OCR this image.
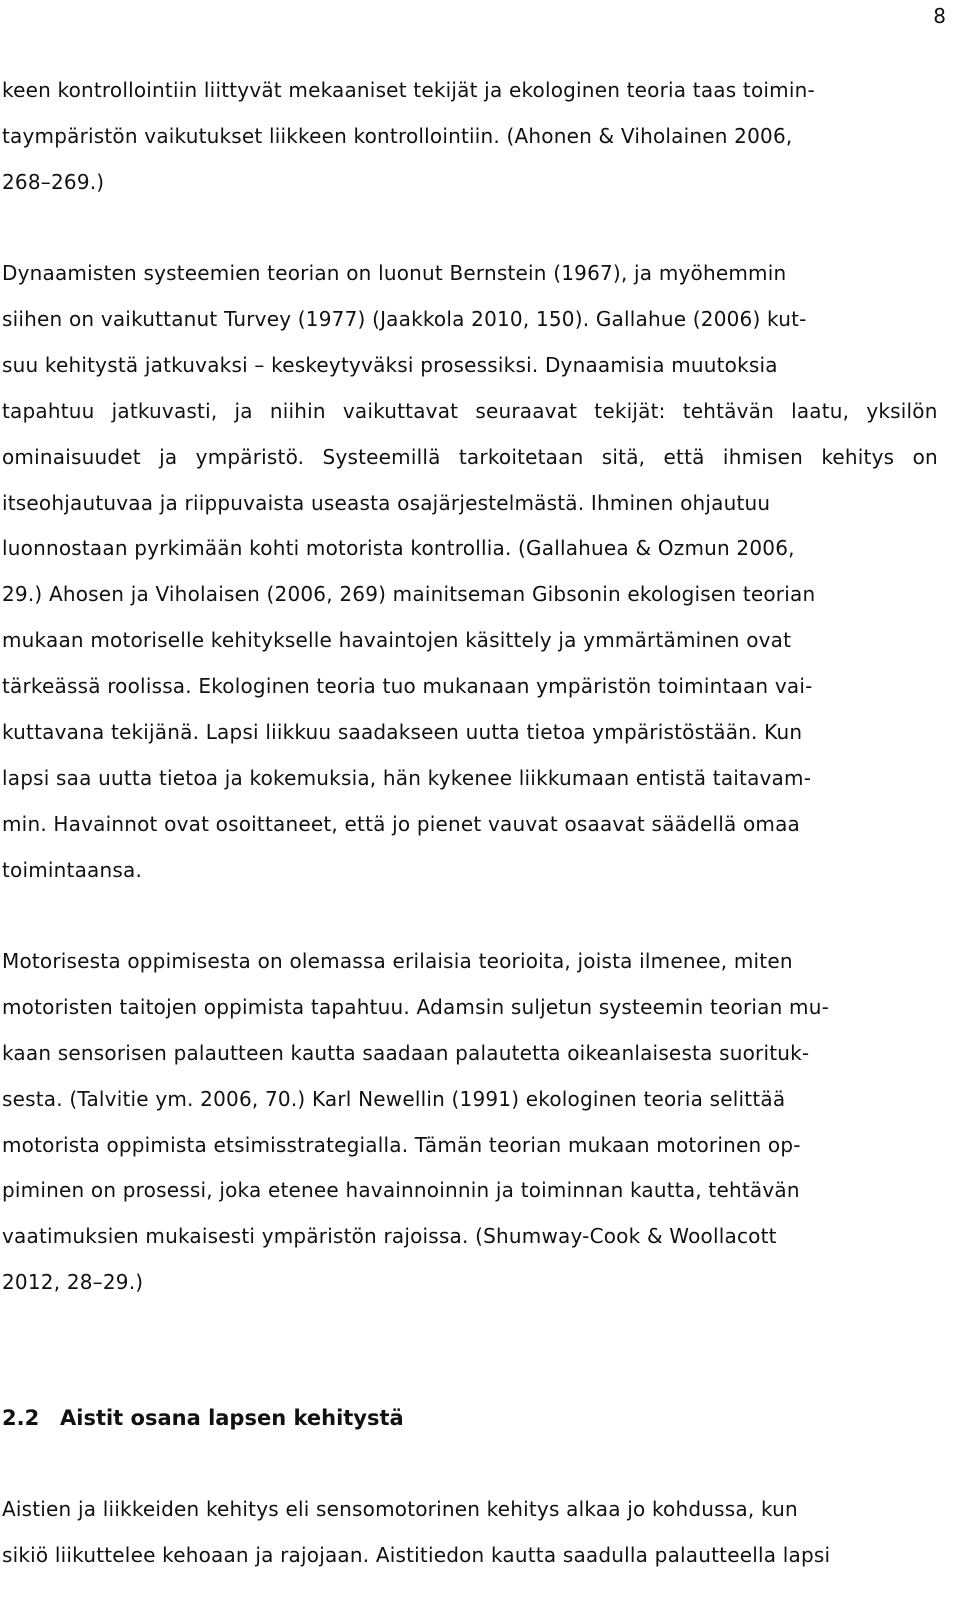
8
keen kontrollointiin liittyvät mekaaniset tekijät ja ekologinen teoria taas toimin-
taympäristön vaikutukset liikkeen kontrollointiin. (Ahonen & Viholainen 2006,
268–269.)
Dynaamisten systeemien teorian on luonut Bernstein (1967), ja myöhemmin
siihen on vaikuttanut Turvey (1977) (Jaakkola 2010, 150). Gallahue (2006) kut-
suu kehitystä jatkuvaksi – keskeytyväksi prosessiksi. Dynaamisia muutoksia
tapahtuu jatkuvasti, ja niihin vaikuttavat seuraavat tekijät: tehtävän laatu, yksilön
ominaisuudet ja ympäristö. Systeemillä tarkoitetaan sitä, että ihmisen kehitys on
itseohjautuvaa ja riippuvaista useasta osajärjestelmästä. Ihminen ohjautuu
luonnostaan pyrkimään kohti motorista kontrollia. (Gallahuea & Ozmun 2006,
29.) Ahosen ja Viholaisen (2006, 269) mainitseman Gibsonin ekologisen teorian
mukaan motoriselle kehitykselle havaintojen käsittely ja ymmärtäminen ovat
tärkeässä roolissa. Ekologinen teoria tuo mukanaan ympäristön toimintaan vai-
kuttavana tekijänä. Lapsi liikkuu saadakseen uutta tietoa ympäristöstään. Kun
lapsi saa uutta tietoa ja kokemuksia, hän kykenee liikkumaan entistä taitavam-
min. Havainnot ovat osoittaneet, että jo pienet vauvat osaavat säädellä omaa
toimintaansa.
Motorisesta oppimisesta on olemassa erilaisia teorioita, joista ilmenee, miten
motoristen taitojen oppimista tapahtuu. Adamsin suljetun systeemin teorian mu-
kaan sensorisen palautteen kautta saadaan palautetta oikeanlaisesta suorituk-
sesta. (Talvitie ym. 2006, 70.) Karl Newellin (1991) ekologinen teoria selittää
motorista oppimista etsimisstrategialla. Tämän teorian mukaan motorinen op-
piminen on prosessi, joka etenee havainnoinnin ja toiminnan kautta, tehtävän
vaatimuksien mukaisesti ympäristön rajoissa. (Shumway-Cook & Woollacott
2012, 28–29.)
2.2 Aistit osana lapsen kehitystä
Aistien ja liikkeiden kehitys eli sensomotorinen kehitys alkaa jo kohdussa, kun
sikiö liikuttelee kehoaan ja rajojaan. Aistitiedon kautta saadulla palautteella lapsi
